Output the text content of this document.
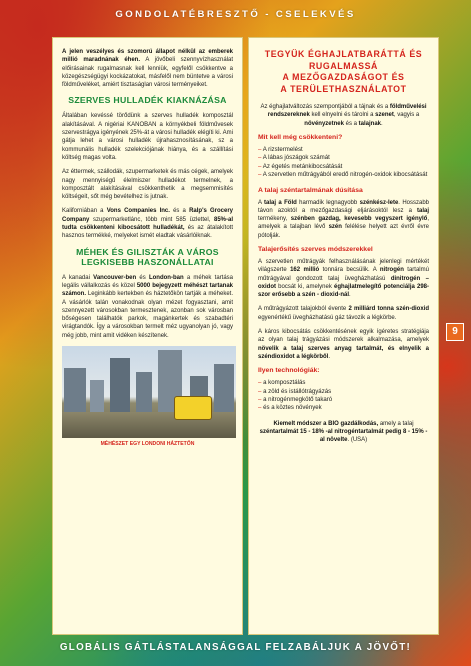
GONDOLATÉBRESZTŐ - CSELEKVÉS

A jelen veszélyes és szomorú állapot nélkül az emberek millió maradnának éhen. A jövőbeli szennyvízhasználat előirásainak rugalmasnak kell lenniük, egyfelől csökkentve a közegészségügyi kockázatokat, másfelől nem büntetve a városi földműveléket, amiért tisztaságlan városi terményeiket.

SZERVES HULLADÉK KIAKNÁZÁSA

Általában kevéssé törődünk a szerves hulladék komposztál alakításával. A nigériai KANOBAN a környékbeli földművesek szervestrágya igényének 25%-át a városi hulladék elégíti ki. Ami gátja lehet a városi hulladék újrahasznosításának, sz a kommunális hulladék szelekciójának hiánya, és a szállítási költség magas volta.

Az éttermek, szállodák, szupermarketek és más cégek, amelyek nagy mennyiségű élelmiszer hulladékot termelnek, a komposztált alakításával csökkenthetik a megsemmisítés költségeit, sőt még bevételhez is jutnak.

Kaliforniában a Vons Companies Inc. és a Ralp's Grocery Company szupermarketlánc, több mint 585 üzlettel, 85%-al tudta csökkenteni kibocsátott hulladékát, és az átalakított hasznos termékké, melyeket ismét eladtak vásárlóiknak.

MÉHEK ÉS GILISZTÁK A VÁROS LEGKISEBB HASZONÁLLATAI

A kanadai Vancouver-ben és London-ban a méhek tartása legális vállalkozás és közel 5000 bejegyzett méhészt tartanak számon. Leginkább kertekben és háztetőkön tartják a méheket. A vásárlók talán vonakodnak olyan mézet fogyasztani, amit szennyezett városokban termesztenek, azonban sok városban bőségesen találhatók parkok, magánkertek és szabadtéri virágtandók. Így a városokban termelt méz ugyanolyan jó, vagy még jobb, mint amit vidéken készítenek.

MÉHÉSZET EGY LONDONI HÁZTETŐN
TEGYÜK ÉGHAJLATBARÁTTÁ ÉS
RUGALMASSÁ
A MEZŐGAZDASÁGOT ÉS
A TERÜLETHASZNÁLATOT

Az éghajlatváltozás szempontjából a tájnak és a földművelési rendszereknek kell elnyelni és tárolni a szenet, vagyis a növényzetnek és a talajnak.

Mit kell még csökkenteni?
– A rizstermelést
– A lábas jószágok számát
– Az égetés metánkibocsátását
– A szervetlen műtrágyából eredő nitrogén-oxidok kibocsátását
A talaj széntartalmának dúsítása

A talaj a Föld harmadik legnagyobb szénkész-lete. Hosszabb távon azoktól a mezőgazdasági eljárásoktól lesz a talaj termékeny, szénben gazdag, kevesebb vegyszert igénylő, amelyek a talajban lévő szén felélése helyett azt évről évre pótolják.

Talajerősítés szerves módszerekkel

A szervetlen műtrágyák felhasználásának jelenlegi mértékét világszerte 162 millió tonnára becsülik. A nitrogén tartalmú műtrágyával gondozott talaj üvegházhatású dinitrogén – oxidot bocsát ki, amelynek éghajlatmelegítő potenciálja 298-szor erősebb a szén - dioxid-nál.

A műtrágyázott talajokból évente 2 milliárd tonna szén-dioxid egyenértékű üvegházhatású gáz távozik a légkörbe.

A káros kibocsátás csökkentésének egyik ígéretes stratégiája az olyan talaj trágyázási módszerek alkalmazása, amelyek növelik a talaj szerves anyag tartalmát, és elnyelik a széndioxidot a légkörből.

Ilyen technológiák:
– a komposztálás
– a zöld és istállótrágyázás
– a nitrogénmegkötő takaró
– és a köztes növények

Kiemelt módszer a BIO gazdálkodás, amely a talaj széntartalmát 15 - 18% -al nitrogéntartalmát pedig 8 - 15% -al növelte. (USA)

9
GLOBÁLIS GÁTLÁSTALANSÁGGAL FELZABÁLJUK A JÖVŐT!
